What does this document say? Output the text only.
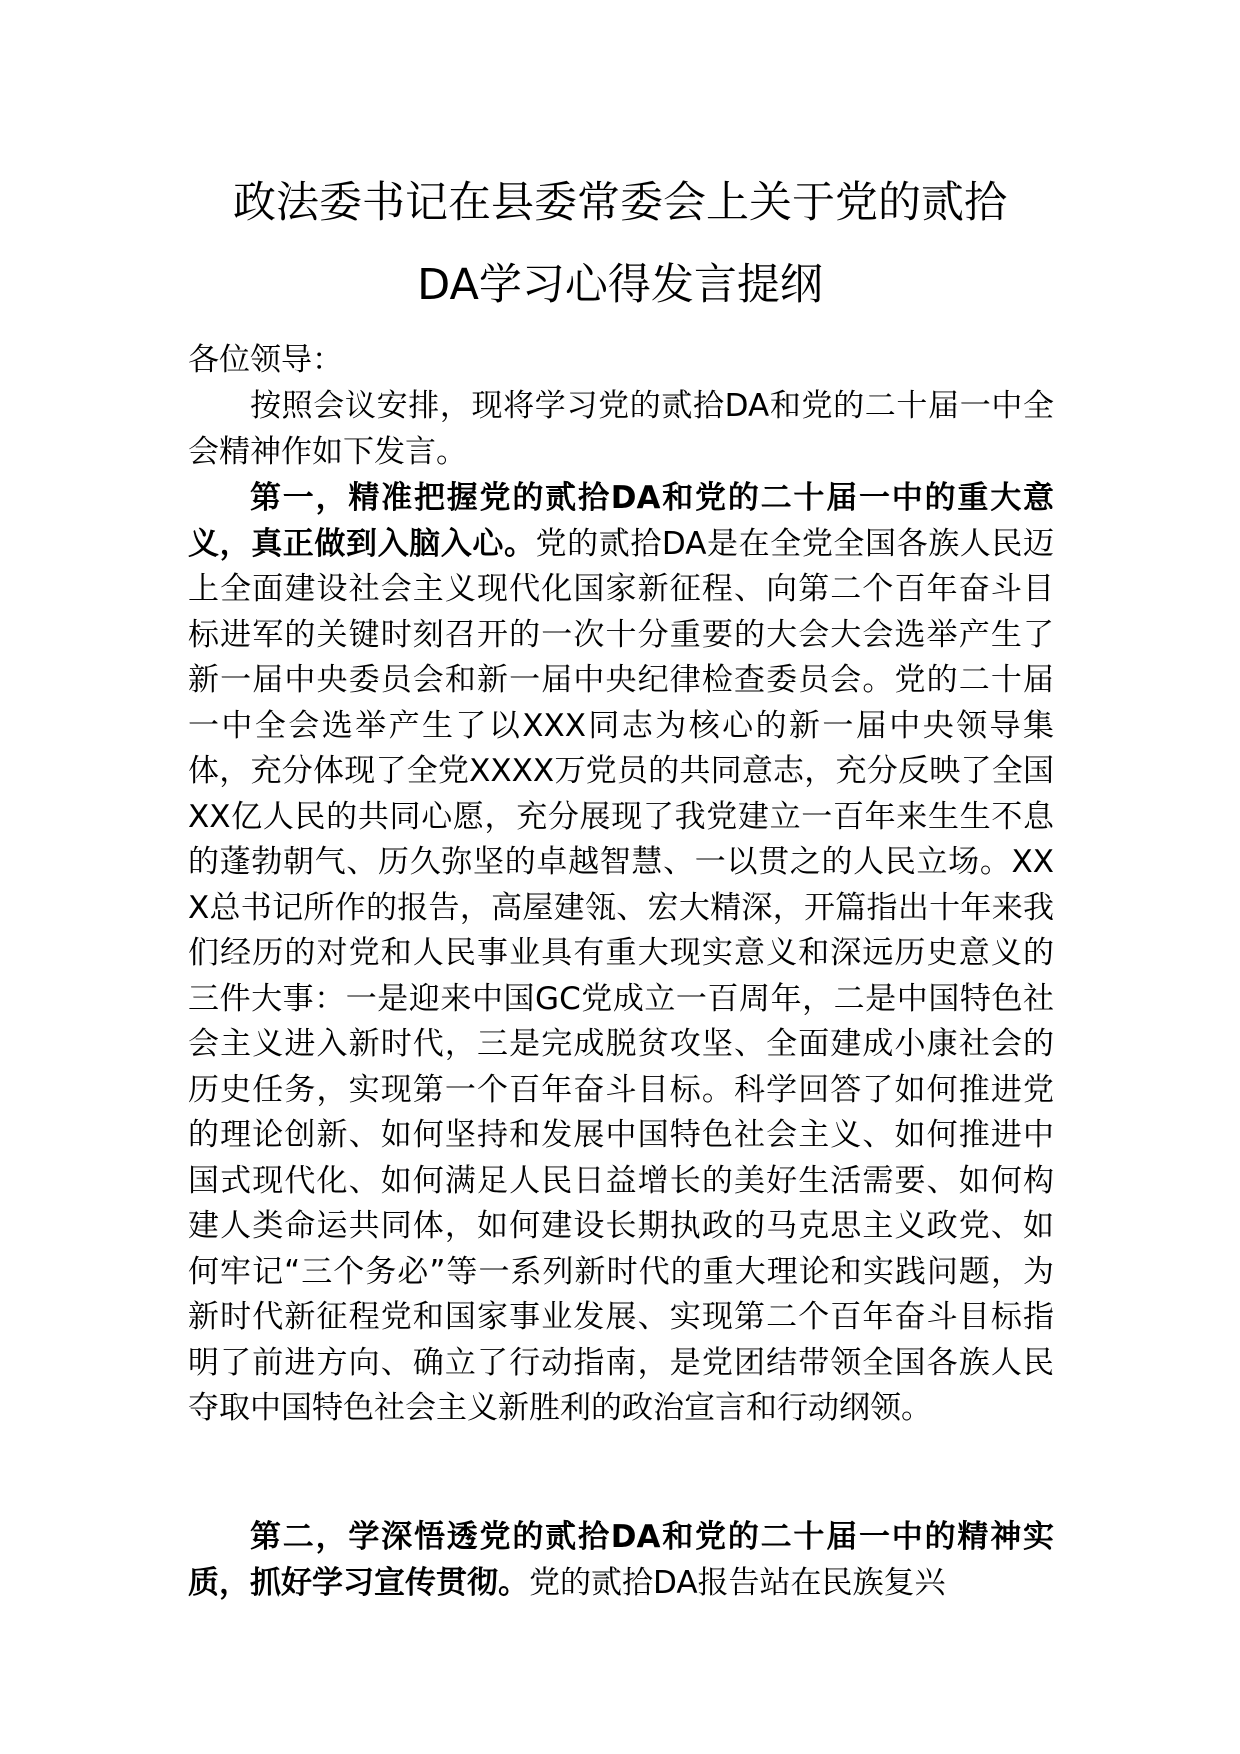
政法委书记在县委常委会上关于党的贰拾
DA学习心得发言提纲

各位领导：

按照会议安排，现将学习党的贰拾DA和党的二十届一中全会精神作如下发言。

第一，精准把握党的贰拾DA和党的二十届一中的重大意义，真正做到入脑入心。党的贰拾DA是在全党全国各族人民迈上全面建设社会主义现代化国家新征程、向第二个百年奋斗目标进军的关键时刻召开的一次十分重要的大会大会选举产生了新一届中央委员会和新一届中央纪律检查委员会。党的二十届一中全会选举产生了以XXX同志为核心的新一届中央领导集体，充分体现了全党XXXX万党员的共同意志，充分反映了全国XX亿人民的共同心愿，充分展现了我党建立一百年来生生不息的蓬勃朝气、历久弥坚的卓越智慧、一以贯之的人民立场。XXX总书记所作的报告，高屋建瓴、宏大精深，开篇指出十年来我们经历的对党和人民事业具有重大现实意义和深远历史意义的三件大事：一是迎来中国GC党成立一百周年，二是中国特色社会主义进入新时代，三是完成脱贫攻坚、全面建成小康社会的历史任务，实现第一个百年奋斗目标。科学回答了如何推进党的理论创新、如何坚持和发展中国特色社会主义、如何推进中国式现代化、如何满足人民日益增长的美好生活需要、如何构建人类命运共同体，如何建设长期执政的马克思主义政党、如何牢记“三个务必”等一系列新时代的重大理论和实践问题，为新时代新征程党和国家事业发展、实现第二个百年奋斗目标指明了前进方向、确立了行动指南，是党团结带领全国各族人民夺取中国特色社会主义新胜利的政治宣言和行动纲领。

第二，学深悟透党的贰拾DA和党的二十届一中的精神实质，抓好学习宣传贯彻。党的贰拾DA报告站在民族复兴
